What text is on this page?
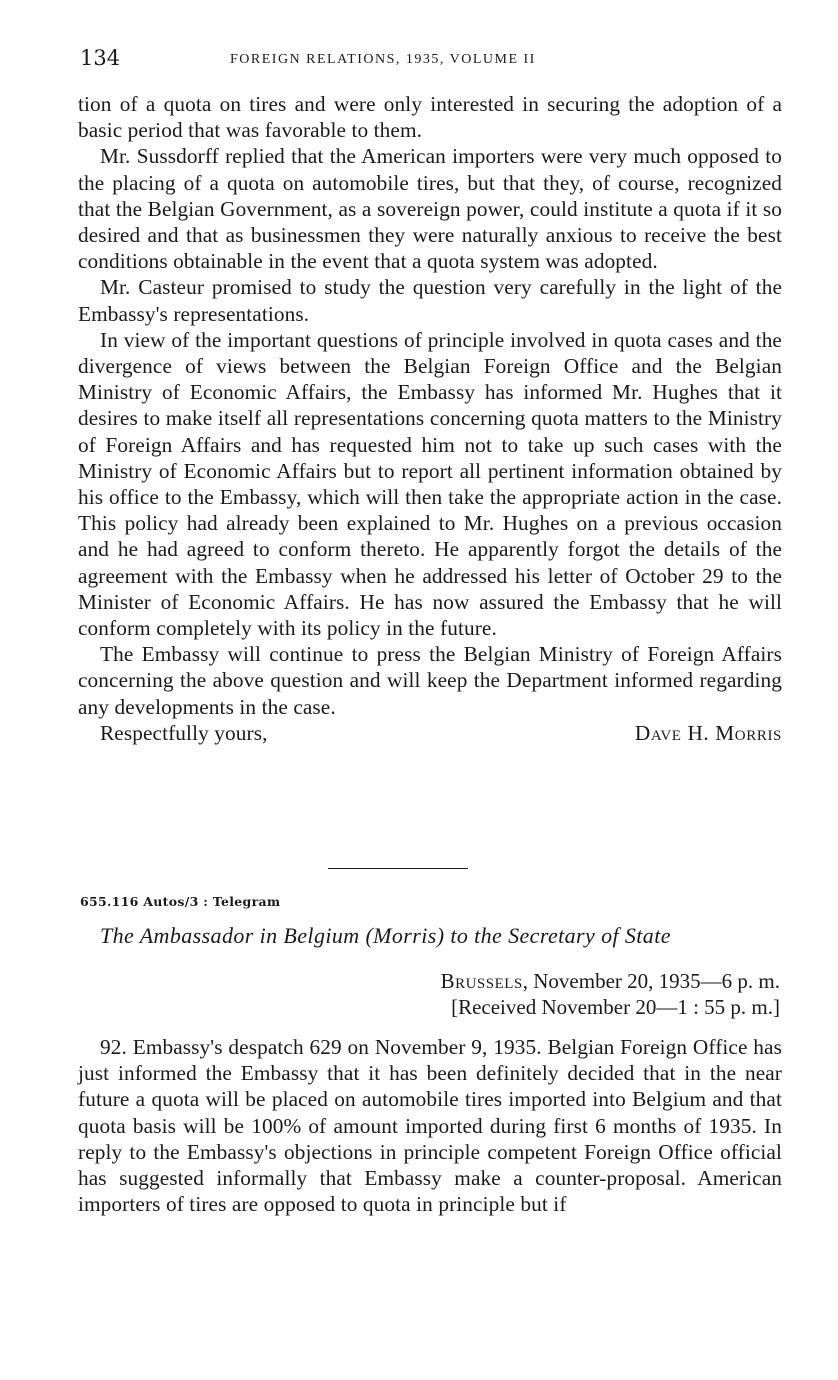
134	FOREIGN RELATIONS, 1935, VOLUME II

tion of a quota on tires and were only interested in securing the adoption of a basic period that was favorable to them.

Mr. Sussdorff replied that the American importers were very much opposed to the placing of a quota on automobile tires, but that they, of course, recognized that the Belgian Government, as a sovereign power, could institute a quota if it so desired and that as businessmen they were naturally anxious to receive the best conditions obtainable in the event that a quota system was adopted.

Mr. Casteur promised to study the question very carefully in the light of the Embassy's representations.

In view of the important questions of principle involved in quota cases and the divergence of views between the Belgian Foreign Office and the Belgian Ministry of Economic Affairs, the Embassy has informed Mr. Hughes that it desires to make itself all representations concerning quota matters to the Ministry of Foreign Affairs and has requested him not to take up such cases with the Ministry of Economic Affairs but to report all pertinent information obtained by his office to the Embassy, which will then take the appropriate action in the case. This policy had already been explained to Mr. Hughes on a previous occasion and he had agreed to conform thereto. He apparently forgot the details of the agreement with the Embassy when he addressed his letter of October 29 to the Minister of Economic Affairs. He has now assured the Embassy that he will conform completely with its policy in the future.

The Embassy will continue to press the Belgian Ministry of Foreign Affairs concerning the above question and will keep the Department informed regarding any developments in the case.

Respectfully yours,	Dave H. Morris
655.116 Autos/3 : Telegram
The Ambassador in Belgium (Morris) to the Secretary of State
Brussels, November 20, 1935—6 p. m.
[Received November 20—1 : 55 p. m.]

92. Embassy's despatch 629 on November 9, 1935. Belgian Foreign Office has just informed the Embassy that it has been definitely decided that in the near future a quota will be placed on automobile tires imported into Belgium and that quota basis will be 100% of amount imported during first 6 months of 1935. In reply to the Embassy's objections in principle competent Foreign Office official has suggested informally that Embassy make a counter-proposal. American importers of tires are opposed to quota in principle but if
